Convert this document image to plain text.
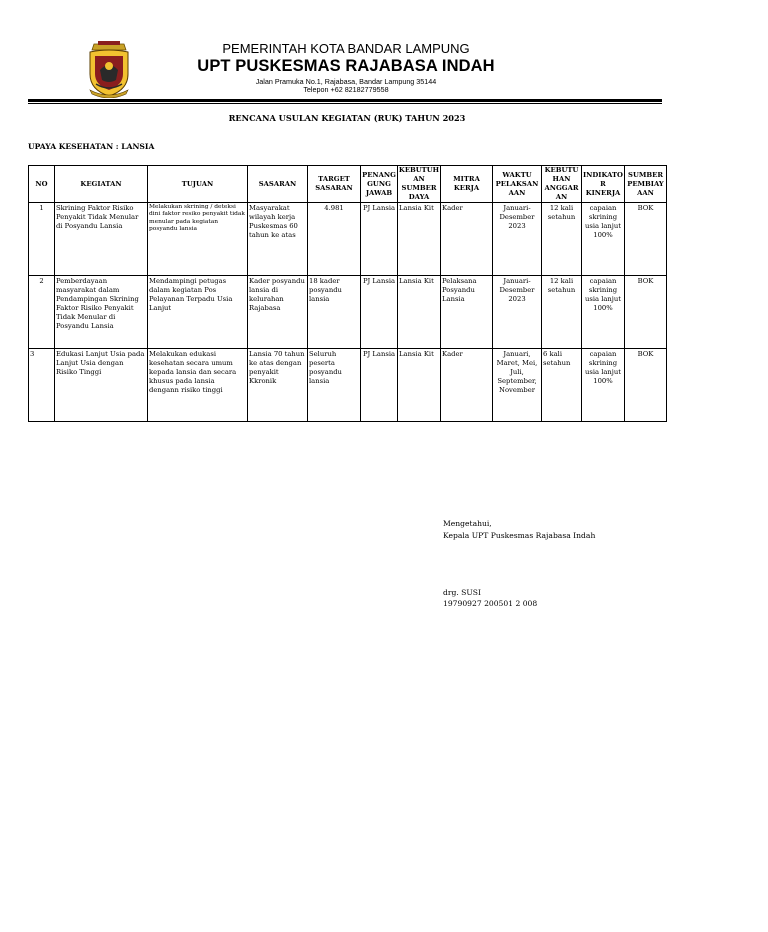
PEMERINTAH KOTA BANDAR LAMPUNG
UPT PUSKESMAS RAJABASA INDAH
Jalan Pramuka No.1, Rajabasa, Bandar Lampung 35144
Telepon +62 82182779558
RENCANA USULAN KEGIATAN (RUK) TAHUN 2023
UPAYA KESEHATAN : LANSIA
NO	KEGIATAN	TUJUAN	SASARAN	TARGET SASARAN	PENANG GUNG JAWAB	KEBUTUH AN SUMBER DAYA	MITRA KERJA	WAKTU PELAKSAN AAN	KEBUTU HAN ANGGAR AN	INDIKATO R KINERJA	SUMBER PEMBIAY AAN
1	Skrining Faktor Risiko Penyakit Tidak Menular di Posyandu Lansia	Melakukan skrining / deteksi dini faktor resiko penyakit tidak menular pada kegiatan posyandu lansia	Masyarakat wilayah kerja Puskesmas 60 tahun ke atas	4.981	PJ Lansia	Lansia Kit	Kader	Januari-Desember 2023	12 kali setahun	capaian skrining usia lanjut 100%	BOK
2	Pemberdayaan masyarakat dalam Pendampingan Skrining Faktor Risiko Penyakit Tidak Menular di Posyandu Lansia	Mendampingi petugas dalam kegiatan Pos Pelayanan Terpadu Usia Lanjut	Kader posyandu lansia di kelurahan Rajabasa	18 kader posyandu lansia	PJ Lansia	Lansia Kit	Pelaksana Posyandu Lansia	Januari-Desember 2023	12 kali setahun	capaian skrining usia lanjut 100%	BOK
3	Edukasi Lanjut Usia pada Lanjut Usia dengan Risiko Tinggi	Melakukan edukasi kesehatan secara umum kepada lansia dan secara khusus pada lansia dengann risiko tinggi	Lansia 70 tahun ke atas dengan penyakit Kkronik	Seluruh peserta posyandu lansia	PJ Lansia	Lansia Kit	Kader	Januari, Maret, Mei, Juli, September, November	6 kali setahun	capaian skrining usia lanjut 100%	BOK
Mengetahui,
Kepala UPT Puskesmas Rajabasa Indah
drg. SUSI
19790927 200501 2 008
